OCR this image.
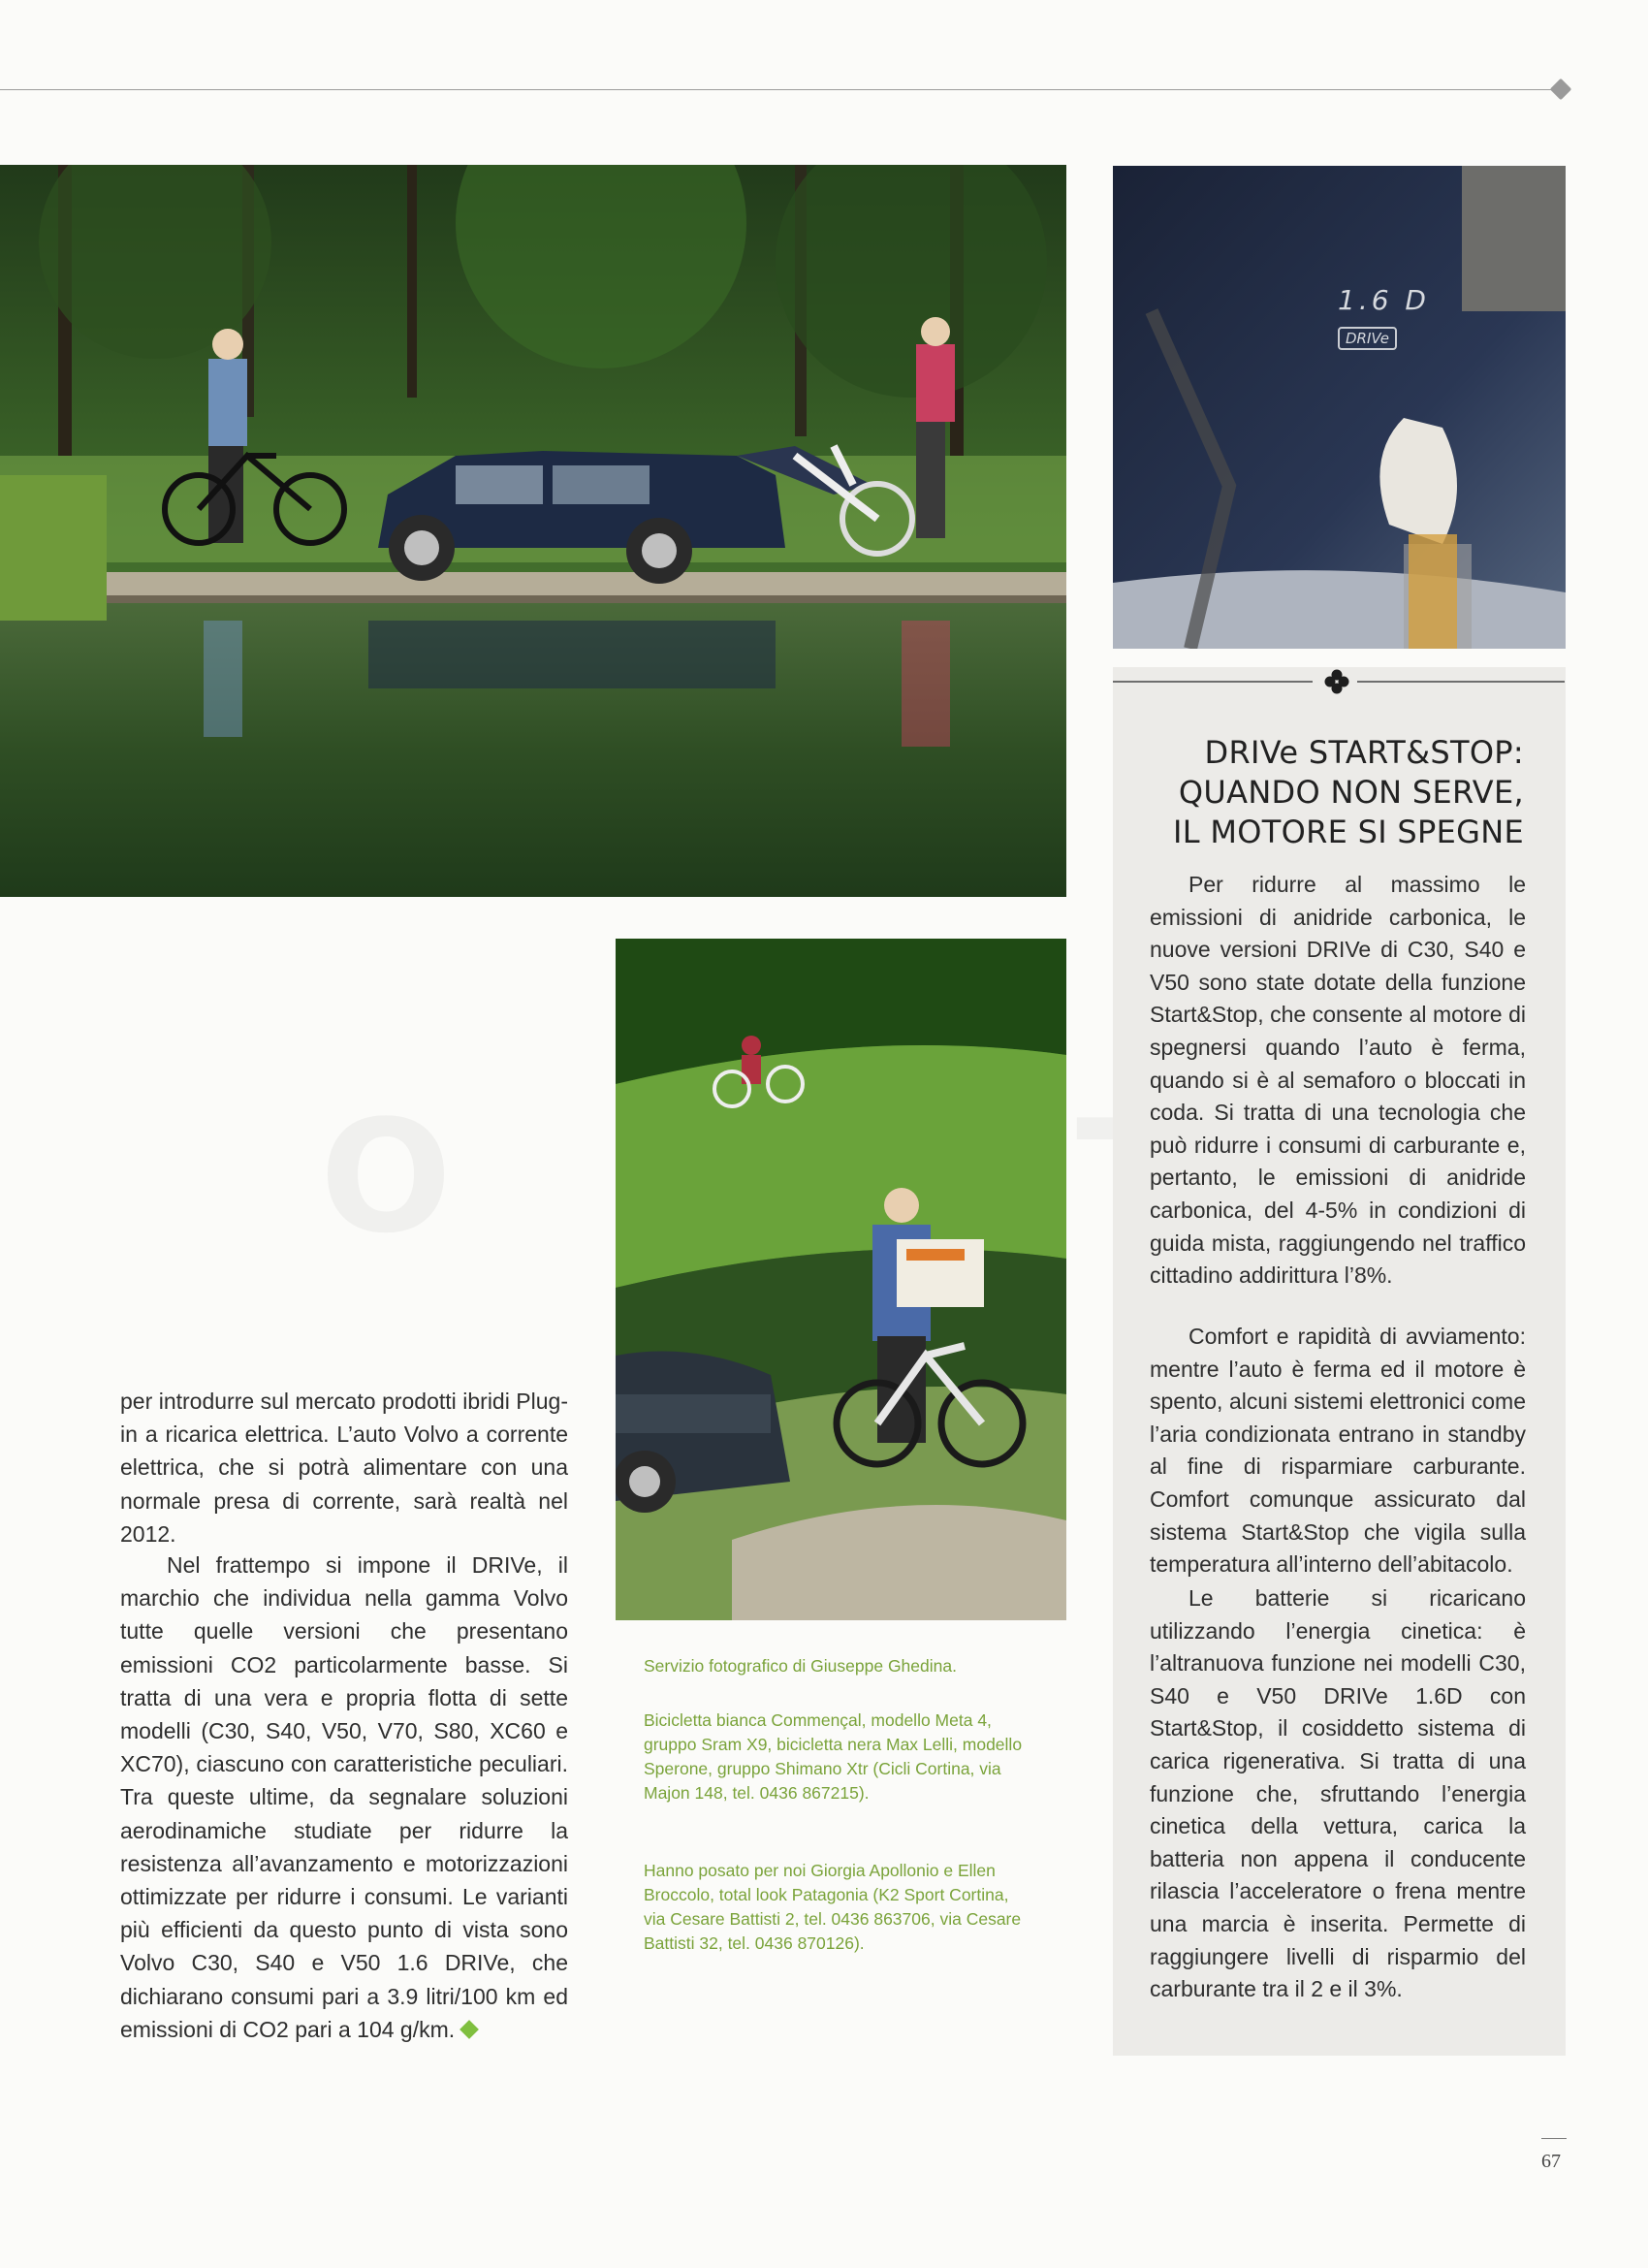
1.6 D
DRIVe

per introdurre sul mercato prodotti ibridi Plug-in a ricarica elettrica. L’auto Volvo a corrente elettrica, che si potrà alimentare con una normale presa di corrente, sarà realtà nel 2012.

Nel frattempo si impone il DRIVe, il marchio che individua nella gamma Volvo tutte quelle versioni che presentano emissioni CO2 particolarmente basse. Si tratta di una vera e propria flotta di sette modelli (C30, S40, V50, V70, S80, XC60 e XC70), ciascuno con caratteristiche peculiari. Tra queste ultime, da segnalare soluzioni aerodinamiche studiate per ridurre la resistenza all’avanzamento e motorizzazioni ottimizzate per ridurre i consumi. Le varianti più efficienti da questo punto di vista sono Volvo C30, S40 e V50 1.6 DRIVe, che dichiarano consumi pari a 3.9 litri/100 km ed emissioni di CO2 pari a 104 g/km.

Servizio fotografico di Giuseppe Ghedina.

Bicicletta bianca Commençal, modello Meta 4, gruppo Sram X9, bicicletta nera Max Lelli, modello Sperone, gruppo Shimano Xtr (Cicli Cortina, via Majon 148, tel. 0436 867215).

Hanno posato per noi Giorgia Apollonio e Ellen Broccolo, total look Patagonia (K2 Sport Cortina, via Cesare Battisti 2, tel. 0436 863706, via Cesare Battisti 32, tel. 0436 870126).

DRIVe START&STOP:
QUANDO NON SERVE,
IL MOTORE SI SPEGNE

Per ridurre al massimo le emissioni di anidride carbonica, le nuove versioni DRIVe di C30, S40 e V50 sono state dotate della funzione Start&Stop, che consente al motore di spegnersi quando l’auto è ferma, quando si è al semaforo o bloccati in coda. Si tratta di una tecnologia che può ridurre i consumi di carburante e, pertanto, le emissioni di anidride carbonica, del 4-5% in condizioni di guida mista, raggiungendo nel traffico cittadino addirittura l’8%.

Comfort e rapidità di avviamento: mentre l’auto è ferma ed il motore è spento, alcuni sistemi elettronici come l’aria condizionata entrano in standby al fine di risparmiare carburante. Comfort comunque assicurato dal sistema Start&Stop che vigila sulla temperatura all’interno dell’abitacolo.

Le batterie si ricaricano utilizzando l’energia cinetica: è l’altranuova funzione nei modelli C30, S40 e V50 DRIVe 1.6D con Start&Stop, il cosiddetto sistema di carica rigenerativa. Si tratta di una funzione che, sfruttando l’energia cinetica della vettura, carica la batteria non appena il conducente rilascia l’acceleratore o frena mentre una marcia è inserita. Permette di raggiungere livelli di risparmio del carburante tra il 2 e il 3%.

67
